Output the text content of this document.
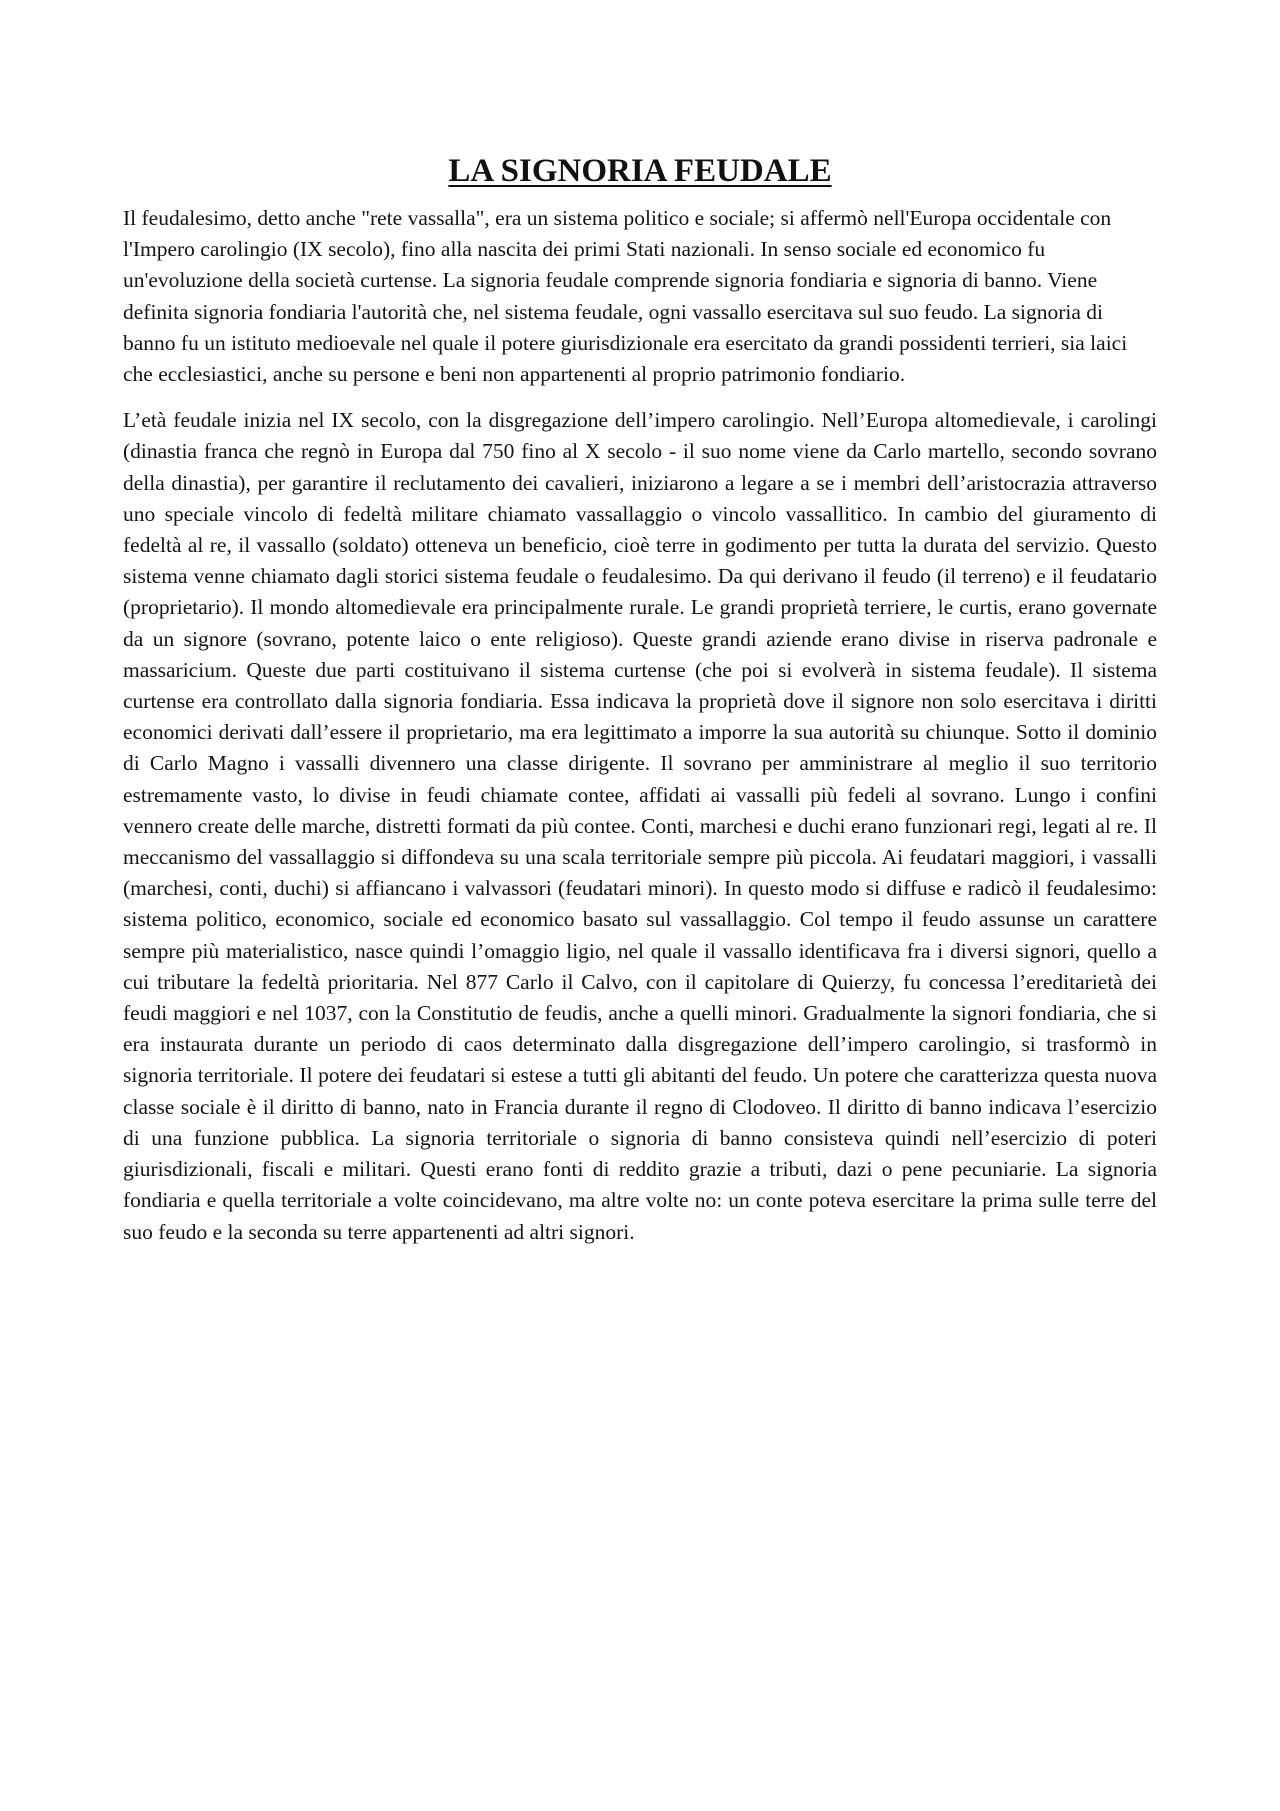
LA SIGNORIA FEUDALE

Il feudalesimo, detto anche "rete vassalla", era un sistema politico e sociale; si affermò nell'Europa occidentale con l'Impero carolingio (IX secolo), fino alla nascita dei primi Stati nazionali. In senso sociale ed economico fu un'evoluzione della società curtense. La signoria feudale comprende signoria fondiaria e signoria di banno. Viene definita signoria fondiaria l'autorità che, nel sistema feudale, ogni vassallo esercitava sul suo feudo. La signoria di banno fu un istituto medioevale nel quale il potere giurisdizionale era esercitato da grandi possidenti terrieri, sia laici che ecclesiastici, anche su persone e beni non appartenenti al proprio patrimonio fondiario.

L’età feudale inizia nel IX secolo, con la disgregazione dell’impero carolingio. Nell’Europa altomedievale, i carolingi (dinastia franca che regnò in Europa dal 750 fino al X secolo - il suo nome viene da Carlo martello, secondo sovrano della dinastia), per garantire il reclutamento dei cavalieri, iniziarono a legare a se i membri dell’aristocrazia attraverso uno speciale vincolo di fedeltà militare chiamato vassallaggio o vincolo vassallitico. In cambio del giuramento di fedeltà al re, il vassallo (soldato) otteneva un beneficio, cioè terre in godimento per tutta la durata del servizio. Questo sistema venne chiamato dagli storici sistema feudale o feudalesimo. Da qui derivano il feudo (il terreno) e il feudatario (proprietario). Il mondo altomedievale era principalmente rurale. Le grandi proprietà terriere, le curtis, erano governate da un signore (sovrano, potente laico o ente religioso). Queste grandi aziende erano divise in riserva padronale e massaricium. Queste due parti costituivano il sistema curtense (che poi si evolverà in sistema feudale). Il sistema curtense era controllato dalla signoria fondiaria. Essa indicava la proprietà dove il signore non solo esercitava i diritti economici derivati dall’essere il proprietario, ma era legittimato a imporre la sua autorità su chiunque. Sotto il dominio di Carlo Magno i vassalli divennero una classe dirigente. Il sovrano per amministrare al meglio il suo territorio estremamente vasto, lo divise in feudi chiamate contee, affidati ai vassalli più fedeli al sovrano. Lungo i confini vennero create delle marche, distretti formati da più contee. Conti, marchesi e duchi erano funzionari regi, legati al re. Il meccanismo del vassallaggio si diffondeva su una scala territoriale sempre più piccola. Ai feudatari maggiori, i vassalli (marchesi, conti, duchi) si affiancano i valvassori (feudatari minori). In questo modo si diffuse e radicò il feudalesimo: sistema politico, economico, sociale ed economico basato sul vassallaggio. Col tempo il feudo assunse un carattere sempre più materialistico, nasce quindi l’omaggio ligio, nel quale il vassallo identificava fra i diversi signori, quello a cui tributare la fedeltà prioritaria. Nel 877 Carlo il Calvo, con il capitolare di Quierzy, fu concessa l’ereditarietà dei feudi maggiori e nel 1037, con la Constitutio de feudis, anche a quelli minori. Gradualmente la signori fondiaria, che si era instaurata durante un periodo di caos determinato dalla disgregazione dell’impero carolingio, si trasformò in signoria territoriale. Il potere dei feudatari si estese a tutti gli abitanti del feudo. Un potere che caratterizza questa nuova classe sociale è il diritto di banno, nato in Francia durante il regno di Clodoveo. Il diritto di banno indicava l’esercizio di una funzione pubblica. La signoria territoriale o signoria di banno consisteva quindi nell’esercizio di poteri giurisdizionali, fiscali e militari. Questi erano fonti di reddito grazie a tributi, dazi o pene pecuniarie. La signoria fondiaria e quella territoriale a volte coincidevano, ma altre volte no: un conte poteva esercitare la prima sulle terre del suo feudo e la seconda su terre appartenenti ad altri signori.
